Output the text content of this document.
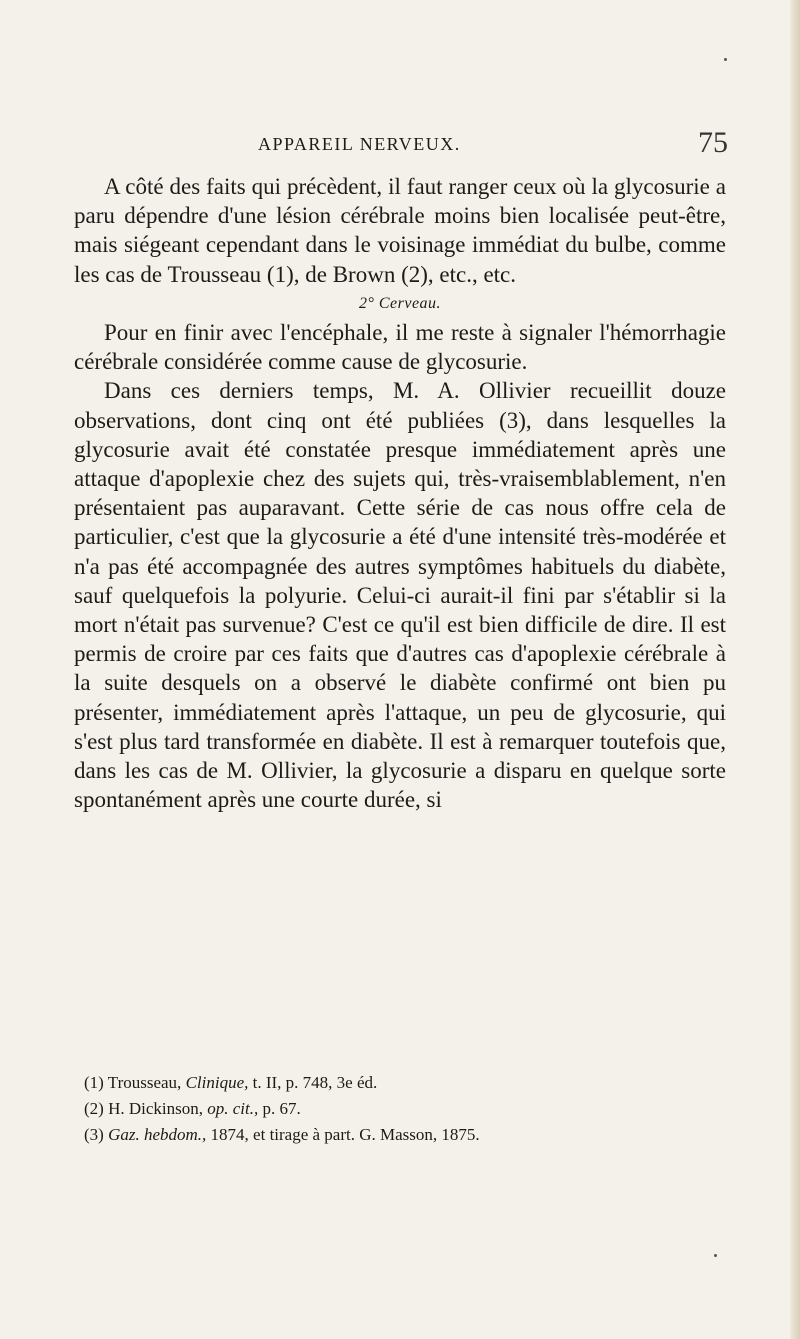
APPAREIL NERVEUX.	75

A côté des faits qui précèdent, il faut ranger ceux où la glycosurie a paru dépendre d'une lésion cérébrale moins bien localisée peut-être, mais siégeant cependant dans le voisinage immédiat du bulbe, comme les cas de Trousseau (1), de Brown (2), etc., etc.

2° Cerveau.

Pour en finir avec l'encéphale, il me reste à signaler l'hémorrhagie cérébrale considérée comme cause de glycosurie.

Dans ces derniers temps, M. A. Ollivier recueillit douze observations, dont cinq ont été publiées (3), dans lesquelles la glycosurie avait été constatée presque immédiatement après une attaque d'apoplexie chez des sujets qui, très-vraisemblablement, n'en présentaient pas auparavant. Cette série de cas nous offre cela de particulier, c'est que la glycosurie a été d'une intensité très-modérée et n'a pas été accompagnée des autres symptômes habituels du diabète, sauf quelquefois la polyurie. Celui-ci aurait-il fini par s'établir si la mort n'était pas survenue? C'est ce qu'il est bien difficile de dire. Il est permis de croire par ces faits que d'autres cas d'apoplexie cérébrale à la suite desquels on a observé le diabète confirmé ont bien pu présenter, immédiatement après l'attaque, un peu de glycosurie, qui s'est plus tard transformée en diabète. Il est à remarquer toutefois que, dans les cas de M. Ollivier, la glycosurie a disparu en quelque sorte spontanément après une courte durée, si

(1) Trousseau, Clinique, t. II, p. 748, 3e éd.

(2) H. Dickinson, op. cit., p. 67.

(3) Gaz. hebdom., 1874, et tirage à part. G. Masson, 1875.
